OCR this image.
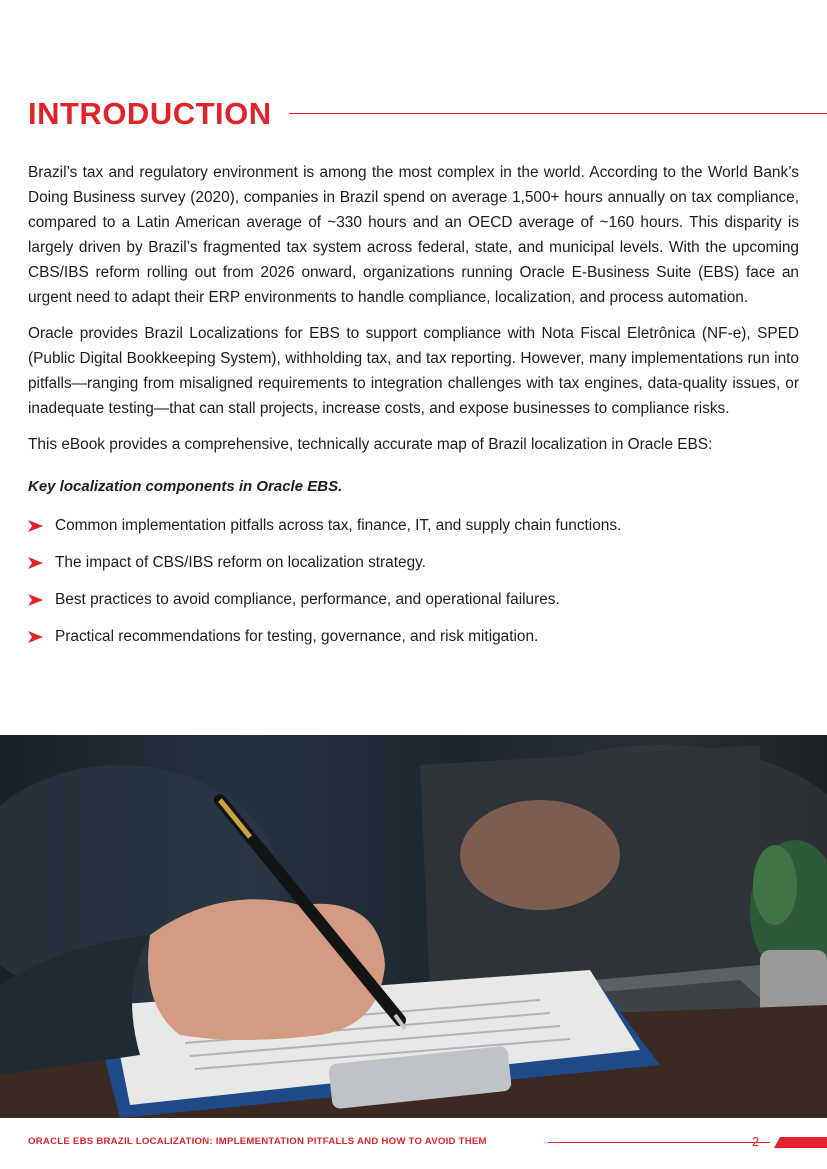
INTRODUCTION

Brazil’s tax and regulatory environment is among the most complex in the world. According to the World Bank’s Doing Business survey (2020), companies in Brazil spend on average 1,500+ hours annually on tax compliance, compared to a Latin American average of ~330 hours and an OECD average of ~160 hours. This disparity is largely driven by Brazil’s fragmented tax system across federal, state, and municipal levels. With the upcoming CBS/IBS reform rolling out from 2026 onward, organizations running Oracle E-Business Suite (EBS) face an urgent need to adapt their ERP environments to handle compliance, localization, and process automation.

Oracle provides Brazil Localizations for EBS to support compliance with Nota Fiscal Eletrônica (NF-e), SPED (Public Digital Bookkeeping System), withholding tax, and tax reporting. However, many implementations run into pitfalls—ranging from misaligned requirements to integration challenges with tax engines, data-quality issues, or inadequate testing—that can stall projects, increase costs, and expose businesses to compliance risks.

This eBook provides a comprehensive, technically accurate map of Brazil localization in Oracle EBS:

Key localization components in Oracle EBS.

Common implementation pitfalls across tax, finance, IT, and supply chain functions.
The impact of CBS/IBS reform on localization strategy.
Best practices to avoid compliance, performance, and operational failures.
Practical recommendations for testing, governance, and risk mitigation.
ORACLE EBS BRAZIL LOCALIZATION: IMPLEMENTATION PITFALLS AND HOW TO AVOID THEM	2
